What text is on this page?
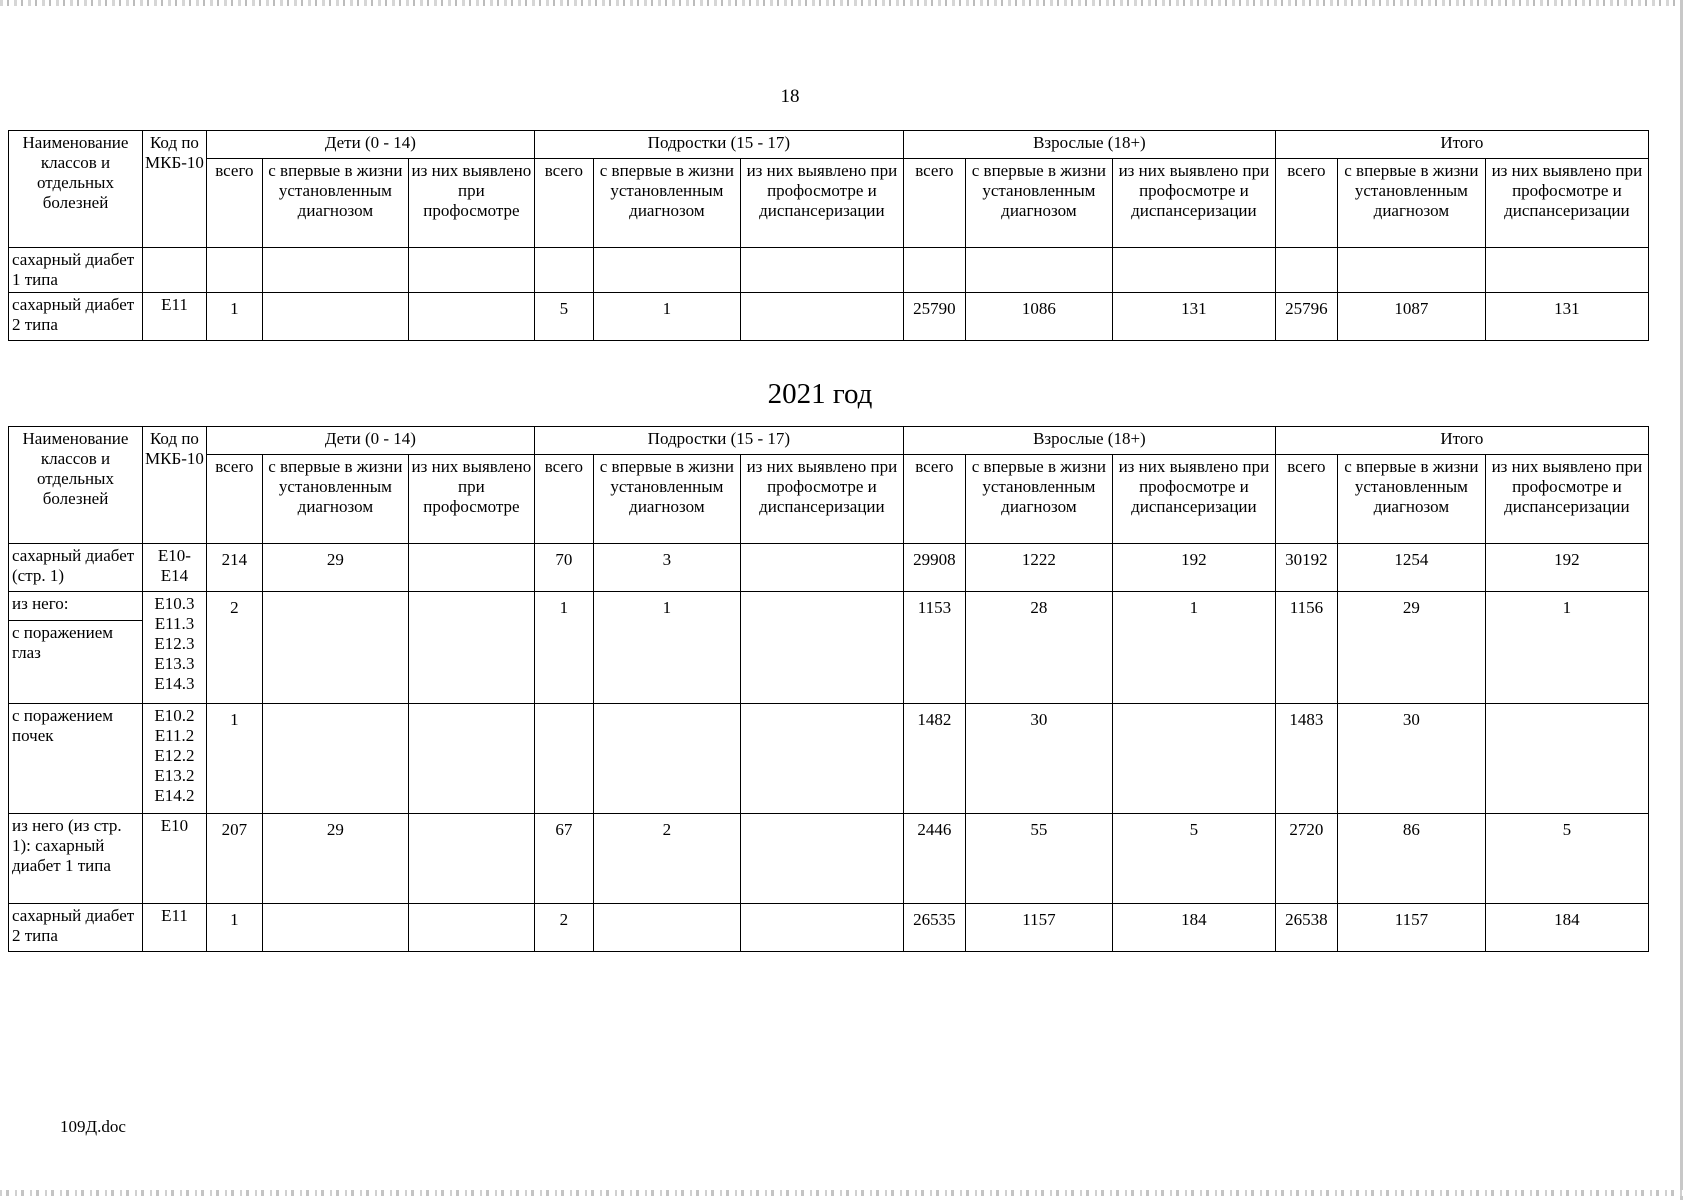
18
Наименование классов и отдельных болезней	Код по МКБ-10	Дети (0 - 14)			Подростки (15 - 17)			Взрослые (18+)			Итого		
		всего	с впервые в жизни установленным диагнозом	из них выявлено при профосмотре	всего	с впервые в жизни установленным диагнозом	из них выявлено при профосмотре и диспансеризации	всего	с впервые в жизни установленным диагнозом	из них выявлено при профосмотре и диспансеризации	всего	с впервые в жизни установленным диагнозом	из них выявлено при профосмотре и диспансеризации

сахарный диабет 1 типа													

сахарный диабет 2 типа	E11	1			5	1		25790	1086	131	25796	1087	131
2021 год
Наименование классов и отдельных болезней	Код по МКБ-10	Дети (0 - 14)			Подростки (15 - 17)			Взрослые (18+)			Итого		
		всего	с впервые в жизни установленным диагнозом	из них выявлено при профосмотре	всего	с впервые в жизни установленным диагнозом	из них выявлено при профосмотре и диспансеризации	всего	с впервые в жизни установленным диагнозом	из них выявлено при профосмотре и диспансеризации	всего	с впервые в жизни установленным диагнозом	из них выявлено при профосмотре и диспансеризации

сахарный диабет (стр. 1)	E10-E14	214	29		70	3		29908	1222	192	30192	1254	192

из него:
с поражением глаз	E10.3 E11.3 E12.3 E13.3 E14.3	2			1	1		1153	28	1	1156	29	1

с поражением почек	E10.2 E11.2 E12.2 E13.2 E14.2	1						1482	30		1483	30	

из него (из стр. 1): сахарный диабет 1 типа	E10	207	29		67	2		2446	55	5	2720	86	5

сахарный диабет 2 типа	E11	1			2			26535	1157	184	26538	1157	184
109Д.doc
